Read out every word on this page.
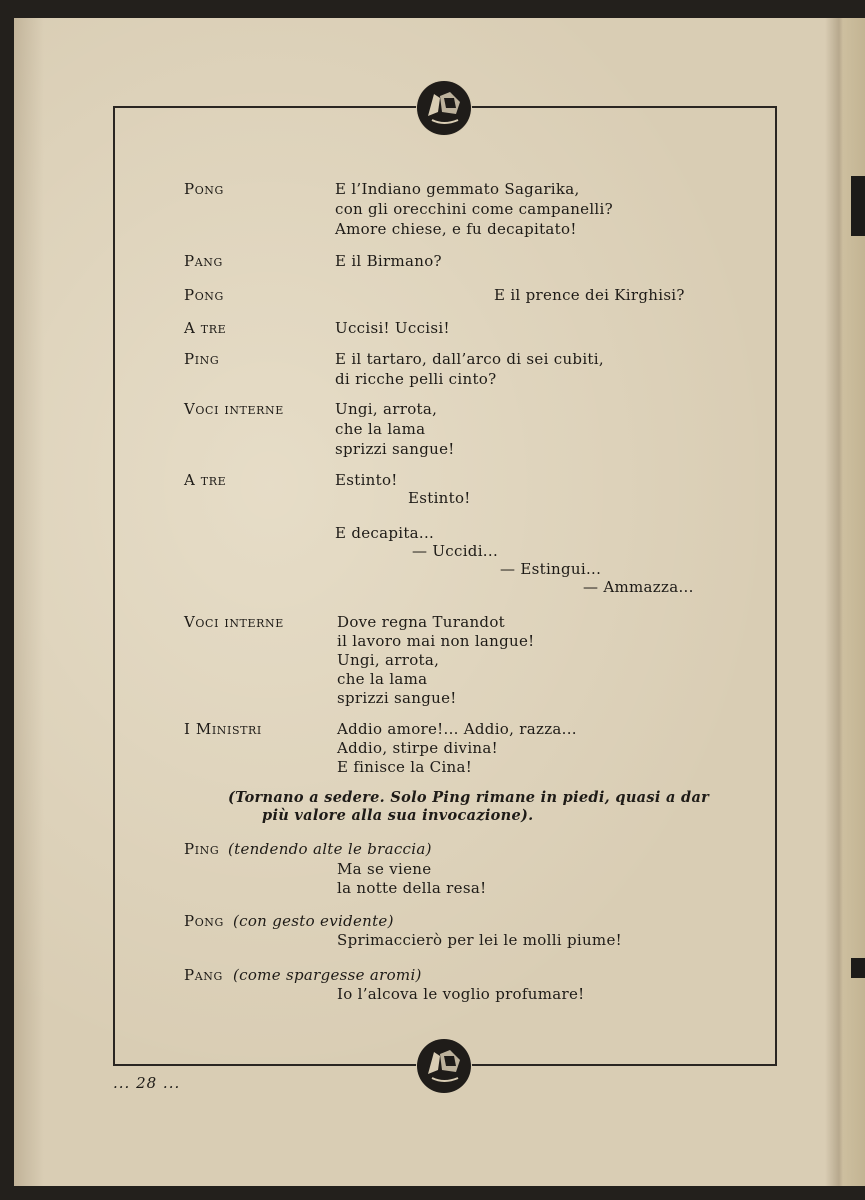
Pong	E l’Indiano gemmato Sagarika,
con gli orecchini come campanelli?
Amore chiese, e fu decapitato!
Pang	E il Birmano?
Pong	E il prence dei Kirghisi?
A tre	Uccisi! Uccisi!
Ping	E il tartaro, dall’arco di sei cubiti,
di ricche pelli cinto?
Voci interne	Ungi, arrota,
che la lama
sprizzi sangue!
A tre	Estinto!
Estinto!
E decapita...
— Uccidi...
— Estingui...
— Ammazza...
Voci interne	Dove regna Turandot
il lavoro mai non langue!
Ungi, arrota,
che la lama
sprizzi sangue!
I Ministri	Addio amore!... Addio, razza...
Addio, stirpe divina!
E finisce la Cina!
(Tornano a sedere. Solo Ping rimane in piedi, quasi a dar
più valore alla sua invocazione).
Ping (tendendo alte le braccia)
Ma se viene
la notte della resa!
Pong (con gesto evidente)
Sprimaccierò per lei le molli piume!
Pang (come spargesse aromi)
Io l’alcova le voglio profumare!
... 28 ...
